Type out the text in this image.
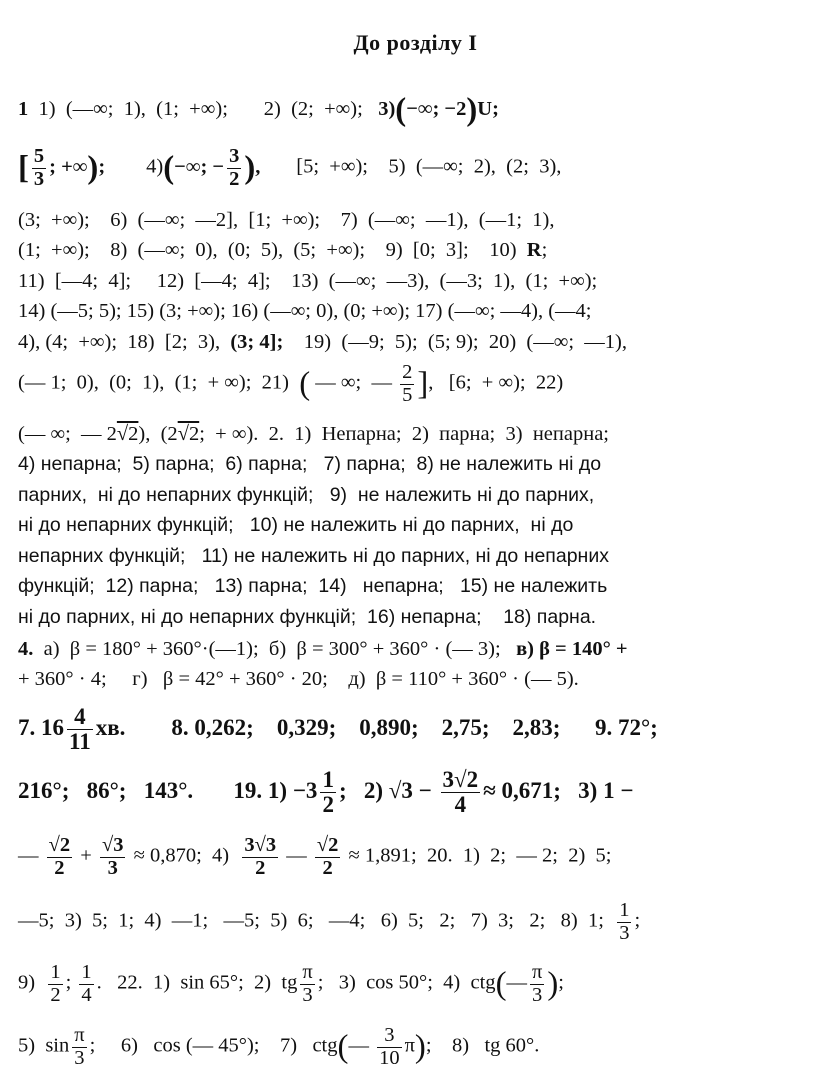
До розділу I
1  1)  (—∞;  1),  (1;  +∞);       2)  (2;  +∞);   3)(−∞; −2)U;
[ $\frac{5}{3}$ ; +∞);        4)(−∞; − $\frac{3}{2}$ ),       [5;  +∞);    5)  (—∞;  2),  (2;  3),
(3;  +∞);    6)  (—∞;  —2],  [1;  +∞);    7)  (—∞;  —1),  (—1;  1),
(1;  +∞);    8)  (—∞;  0),  (0;  5),  (5;  +∞);    9)  [0;  3];    10)  R;
11)  [—4;  4];     12)  [—4;  4];    13)  (—∞;  —3),  (—3;  1),  (1;  +∞);
14) (—5; 5); 15) (3; +∞); 16) (—∞; 0), (0; +∞); 17) (—∞; —4), (—4;
4), (4;  +∞);  18)  [2;  3),  (3; 4];    19)  (—9;  5);  (5; 9);  20)  (—∞;  —1),
(— 1;  0),  (0;  1),  (1;  + ∞);  21)  ( — ∞;  — $\frac{2}{5}$ ],   [6;  + ∞);  22)
(— ∞;  — 2√2),  (2√2;  + ∞).  2.  1)  Непарна;  2)  парна;  3)  непарна;
4) непарна;  5) парна;  6) парна;   7) парна;  8) не належить ні до
парних,  ні до непарних функцій;   9)  не належить ні до парних,
ні до непарних функцій;   10) не належить ні до парних,  ні до
непарних функцій;   11) не належить ні до парних, ні до непарних
функцій;  12) парна;   13) парна;  14)   непарна;   15) не належить
ні до парних, ні до непарних функцій;  16) непарна;    18) парна.
4.  а)  β = 180° + 360°·(—1);  б)  β = 300° + 360° · (— 3);   в) β = 140° +
+ 360° · 4;     г)   β = 42° + 360° · 20;    д)  β = 110° + 360° · (— 5).
7. $16 \frac{4}{11}$ хв.        8. 0,262;    0,329;    0,890;    2,75;    2,83;      9. 72°;
216°;   86°;   143°.       19. $1) -3 \frac{1}{2}$ ;   2) $√3 - \frac{3√2}{4} \approx 0,671$;   3) 1 −
— $\frac{√2}{2} + \frac{√3}{3} \approx 0,870$;  $4) \frac{3√3}{2}$ — $\frac{√2}{2} \approx 1,891$;  20.  1)  2;  — 2;  2)  5;
—5;  3)  5;  1;  4)  —1;   —5;  5)  6;   —4;   6)  5;   2;   7)  3;   2;   8)  1; $\frac{1}{3}$ ;
$9) \frac{1}{2}$ ; $\frac{1}{4}$ .   22.  1)  sin 65°;  2)  tg $\frac{\pi}{3}$ ;   3)  cos 50°;  4)  ctg(— $\frac{\pi}{3}$ );
5)  $\sin \frac{\pi}{3}$ ;     6)   cos (— 45°);    7)   ctg(— $\frac{3}{10} \pi$);    8)   tg 60°.
